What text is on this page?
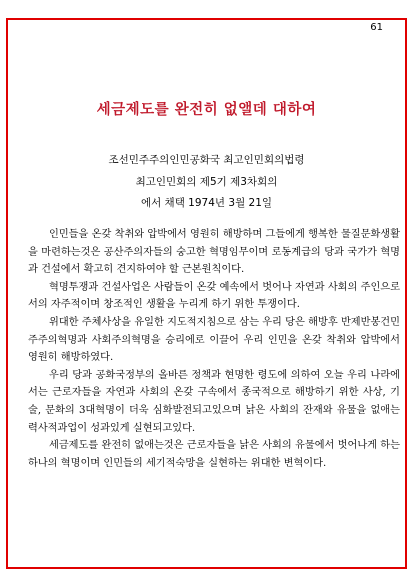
61
세금제도를 완전히 없앨데 대하여
조선민주주의인민공화국 최고인민회의법령
최고인민회의 제5기 제3차회의
에서 채택 1974년 3월 21일

인민들을 온갖 착취와 압박에서 영원히 해방하며 그들에게 행복한 물질문화생활을 마련하는것은 공산주의자들의 숭고한 혁명임무이며 로동계급의 당과 국가가 혁명과 건설에서 확고히 견지하여야 할 근본원칙이다.

혁명투쟁과 건설사업은 사람들이 온갖 예속에서 벗어나 자연과 사회의 주인으로서의 자주적이며 창조적인 생활을 누리게 하기 위한 투쟁이다.

위대한 주체사상을 유일한 지도적지침으로 삼는 우리 당은 해방후 반제반봉건민주주의혁명과 사회주의혁명을 승리에로 이끌어 우리 인민을 온갖 착취와 압박에서 영원히 해방하였다.

우리 당과 공화국정부의 올바른 정책과 현명한 령도에 의하여 오늘 우리 나라에서는 근로자들을 자연과 사회의 온갖 구속에서 종국적으로 해방하기 위한 사상, 기술, 문화의 3대혁명이 더욱 심화발전되고있으며 낡은 사회의 잔재와 유물을 없애는 력사적과업이 성과있게 실현되고있다.

세금제도를 완전히 없애는것은 근로자들을 낡은 사회의 유물에서 벗어나게 하는 하나의 혁명이며 인민들의 세기적숙망을 실현하는 위대한 변혁이다.
